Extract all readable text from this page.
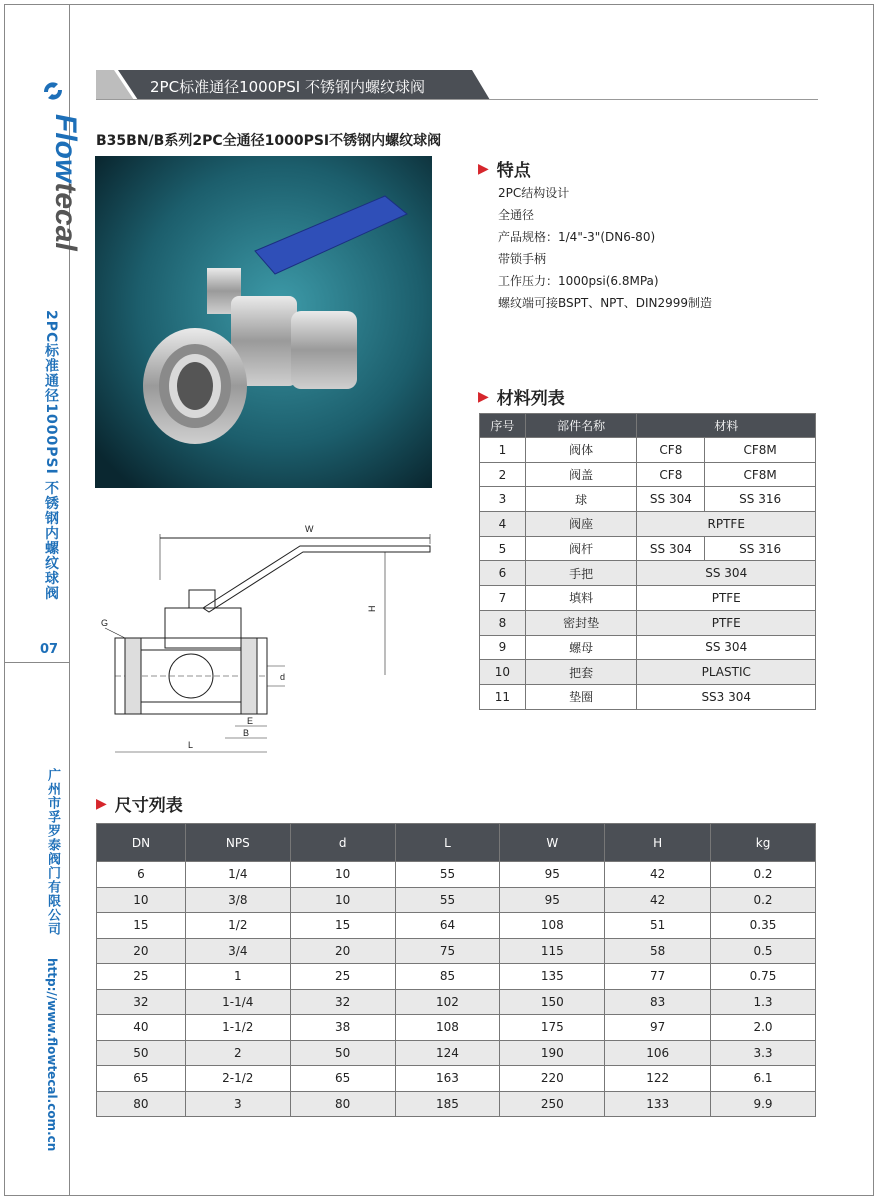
Flowtecal
2PC标准通径1000PSI 不锈钢内螺纹球阀
07
广州市孚罗泰阀门有限公司
http://www.flowtecal.com.cn
2PC标准通径1000PSI 不锈钢内螺纹球阀
B35BN/B系列2PC全通径1000PSI不锈钢内螺纹球阀
▶ 特点
2PC结构设计
全通径
产品规格：1/4"-3"(DN6-80)
带锁手柄
工作压力：1000psi(6.8MPa)
螺纹端可接BSPT、NPT、DIN2999制造
▶ 材料列表
序号	部件名称	材料	
1	阀体	CF8	CF8M
2	阀盖	CF8	CF8M
3	球	SS 304	SS 316
4	阀座	RPTFE	
5	阀杆	SS 304	SS 316
6	手把	SS 304	
7	填料	PTFE	
8	密封垫	PTFE	
9	螺母	SS 304	
10	把套	PLASTIC	
11	垫圈	SS3 304	
W
H
G
d
E
B
L
▶ 尺寸列表
DN	NPS	d	L	W	H	kg
6	1/4	10	55	95	42	0.2
10	3/8	10	55	95	42	0.2
15	1/2	15	64	108	51	0.35
20	3/4	20	75	115	58	0.5
25	1	25	85	135	77	0.75
32	1-1/4	32	102	150	83	1.3
40	1-1/2	38	108	175	97	2.0
50	2	50	124	190	106	3.3
65	2-1/2	65	163	220	122	6.1
80	3	80	185	250	133	9.9
